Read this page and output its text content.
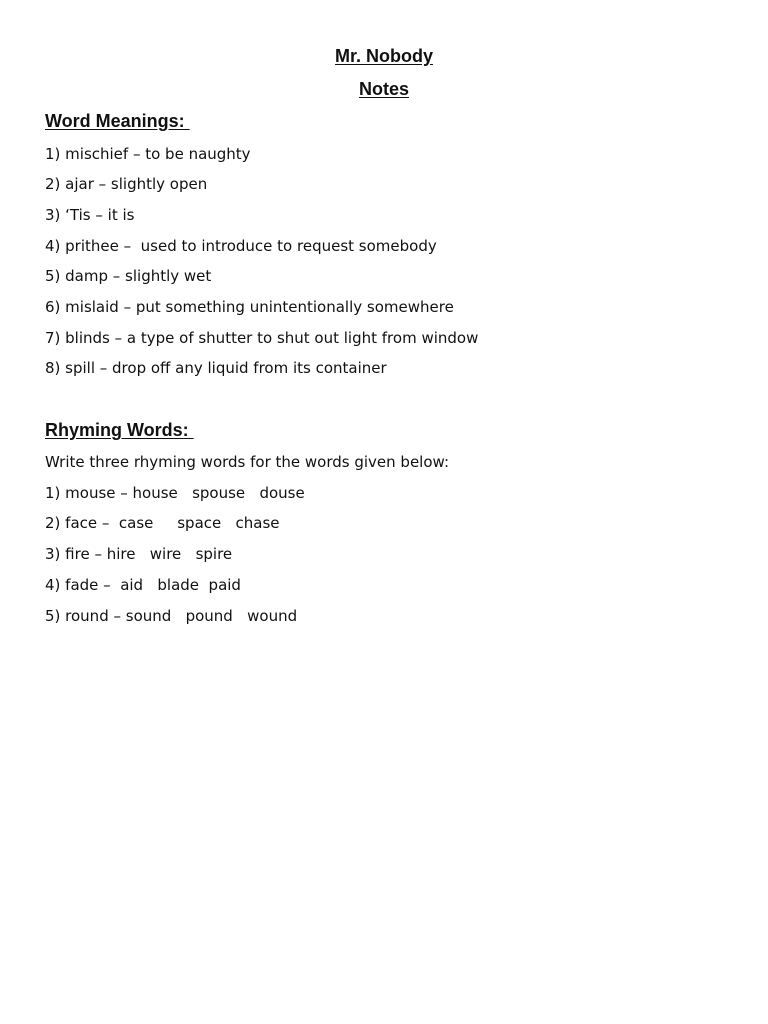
Mr. Nobody
Notes
Word Meanings:
1) mischief – to be naughty
2) ajar – slightly open
3) ‘Tis – it is
4) prithee –  used to introduce to request somebody
5) damp – slightly wet
6) mislaid – put something unintentionally somewhere
7) blinds – a type of shutter to shut out light from window
8) spill – drop off any liquid from its container
Rhyming Words:
Write three rhyming words for the words given below:
1) mouse – house   spouse   douse
2) face –  case     space   chase
3) fire – hire   wire   spire
4) fade –  aid   blade  paid
5) round – sound   pound   wound
